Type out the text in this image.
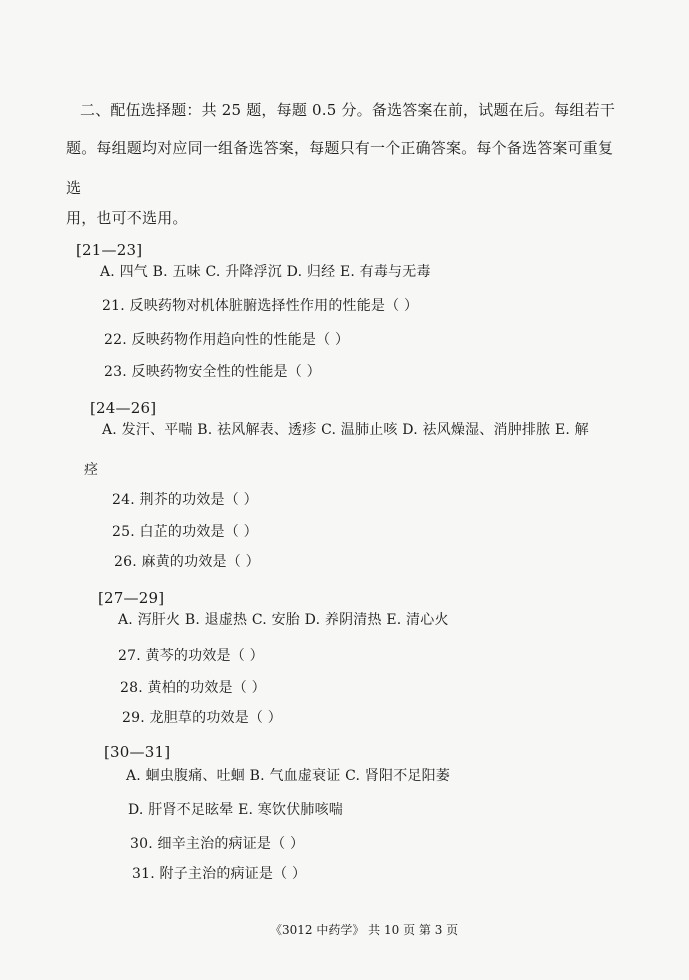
二、配伍选择题：共 25 题，每题 0.5 分。备选答案在前，试题在后。每组若干
题。每组题均对应同一组备选答案，每题只有一个正确答案。每个备选答案可重复
选
用，也可不选用。
[21—23]
A. 四气 B. 五味 C. 升降浮沉 D. 归经 E. 有毒与无毒
21. 反映药物对机体脏腑选择性作用的性能是（ ）
22. 反映药物作用趋向性的性能是（ ）
23. 反映药物安全性的性能是（ ）
[24—26]
A. 发汗、平喘 B. 祛风解表、透疹 C. 温肺止咳 D. 祛风燥湿、消肿排脓 E. 解
痉
24. 荆芥的功效是（ ）
25. 白芷的功效是（ ）
26. 麻黄的功效是（ ）
[27—29]
A. 泻肝火 B. 退虚热 C. 安胎 D. 养阴清热 E. 清心火
27. 黄芩的功效是（ ）
28. 黄柏的功效是（ ）
29. 龙胆草的功效是（ ）
[30—31]
A. 蛔虫腹痛、吐蛔 B. 气血虚衰证 C. 肾阳不足阳萎
D. 肝肾不足眩晕 E. 寒饮伏肺咳喘
30. 细辛主治的病证是（ ）
31. 附子主治的病证是（ ）
《3012 中药学》 共 10 页 第 3 页
